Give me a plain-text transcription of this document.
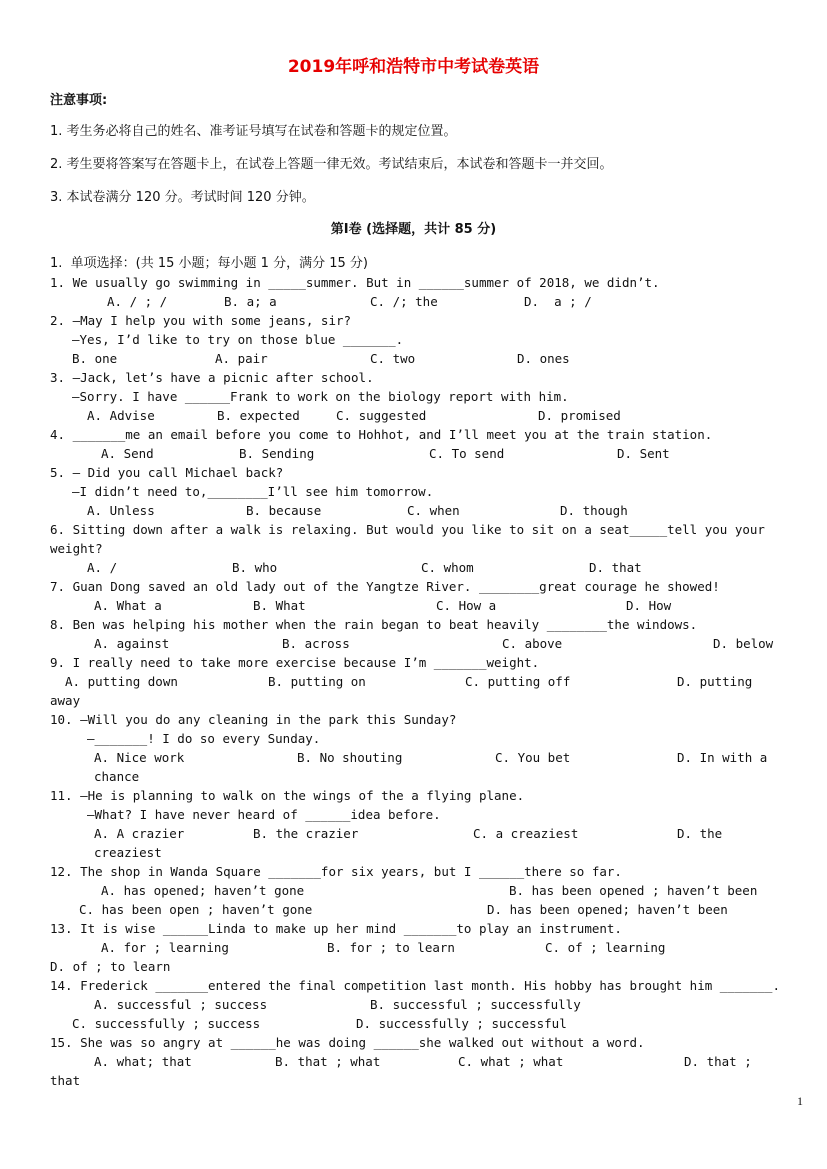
2019年呼和浩特市中考试卷英语
注意事项:
1. 考生务必将自己的姓名、准考证号填写在试卷和答题卡的规定位置。
2. 考生要将答案写在答题卡上，在试卷上答题一律无效。考试结束后，本试卷和答题卡一并交回。
3. 本试卷满分 120 分。考试时间 120 分钟。
第Ⅰ卷 (选择题，共计 85 分)
1.  单项选择：(共 15 小题；每小题 1 分，满分 15 分)
1. We usually go swimming in _____summer. But in ______summer of 2018, we didn’t.
A. / ; /	B. a; a	C. /; the	D.  a ; /
2. —May I help you with some jeans, sir?
—Yes, I’d like to try on those blue _______.
B. one	A. pair	C. two	D. ones
3. —Jack, let’s have a picnic after school.
—Sorry. I have ______Frank to work on the biology report with him.
A. Advise	B. expected	C. suggested	D. promised
4. _______me an email before you come to Hohhot, and I’ll meet you at the train station.
A. Send	B. Sending	C. To send	D. Sent
5. — Did you call Michael back?
—I didn’t need to,________I’ll see him tomorrow.
A. Unless	B. because	C. when	D. though
6. Sitting down after a walk is relaxing. But would you like to sit on a seat_____tell you your
weight?
A. /	B. who	C. whom	D. that
7. Guan Dong saved an old lady out of the Yangtze River. ________great courage he showed!
A. What a	B. What	C. How a	D. How
8. Ben was helping his mother when the rain began to beat heavily ________the windows.
A. against	B. across	C. above	D. below
9. I really need to take more exercise because I’m _______weight.
A. putting down	B. putting on	C. putting off	D. putting
away
10. —Will you do any cleaning in the park this Sunday?
—_______! I do so every Sunday.
A. Nice work	B. No shouting	C. You bet	D. In with a
chance
11. —He is planning to walk on the wings of the a flying plane.
—What? I have never heard of ______idea before.
A. A crazier	B. the crazier	C. a creaziest	D. the
creaziest
12. The shop in Wanda Square _______for six years, but I ______there so far.
A. has opened; haven’t gone	B. has been opened ; haven’t been
C. has been open ; haven’t gone	D. has been opened; haven’t been
13. It is wise ______Linda to make up her mind _______to play an instrument.
A. for ; learning	B. for ; to learn	C. of ; learning
D. of ; to learn
14. Frederick _______entered the final competition last month. His hobby has brought him _______.
A. successful ; success	B. successful ; successfully
C. successfully ; success	D. successfully ; successful
15. She was so angry at ______he was doing ______she walked out without a word.
A. what; that	B. that ; what	C. what ; what	D. that ;
that
1
